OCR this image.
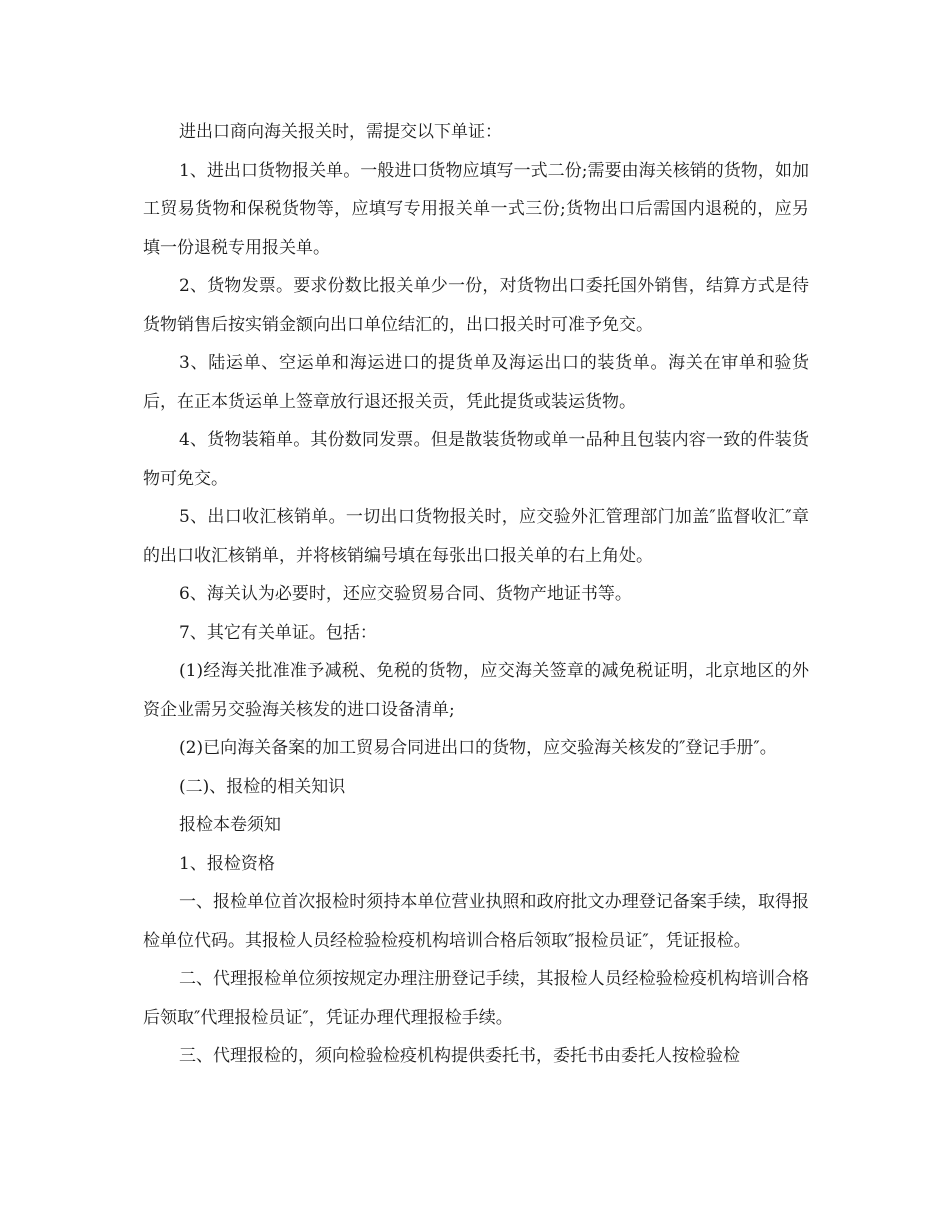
进出口商向海关报关时，需提交以下单证：

1、进出口货物报关单。一般进口货物应填写一式二份;需要由海关核销的货物，如加工贸易货物和保税货物等，应填写专用报关单一式三份;货物出口后需国内退税的，应另填一份退税专用报关单。

2、货物发票。要求份数比报关单少一份，对货物出口委托国外销售，结算方式是待货物销售后按实销金额向出口单位结汇的，出口报关时可准予免交。

3、陆运单、空运单和海运进口的提货单及海运出口的装货单。海关在审单和验货后，在正本货运单上签章放行退还报关贡，凭此提货或装运货物。

4、货物装箱单。其份数同发票。但是散装货物或单一品种且包装内容一致的件装货物可免交。

5、出口收汇核销单。一切出口货物报关时，应交验外汇管理部门加盖″监督收汇″章的出口收汇核销单，并将核销编号填在每张出口报关单的右上角处。

6、海关认为必要时，还应交验贸易合同、货物产地证书等。

7、其它有关单证。包括：

(1)经海关批准准予减税、免税的货物，应交海关签章的减免税证明，北京地区的外资企业需另交验海关核发的进口设备清单;

(2)已向海关备案的加工贸易合同进出口的货物，应交验海关核发的″登记手册″。

(二)、报检的相关知识

报检本卷须知

1、报检资格

一、报检单位首次报检时须持本单位营业执照和政府批文办理登记备案手续，取得报检单位代码。其报检人员经检验检疫机构培训合格后领取″报检员证″，凭证报检。

二、代理报检单位须按规定办理注册登记手续，其报检人员经检验检疫机构培训合格后领取″代理报检员证″，凭证办理代理报检手续。

三、代理报检的，须向检验检疫机构提供委托书，委托书由委托人按检验检
